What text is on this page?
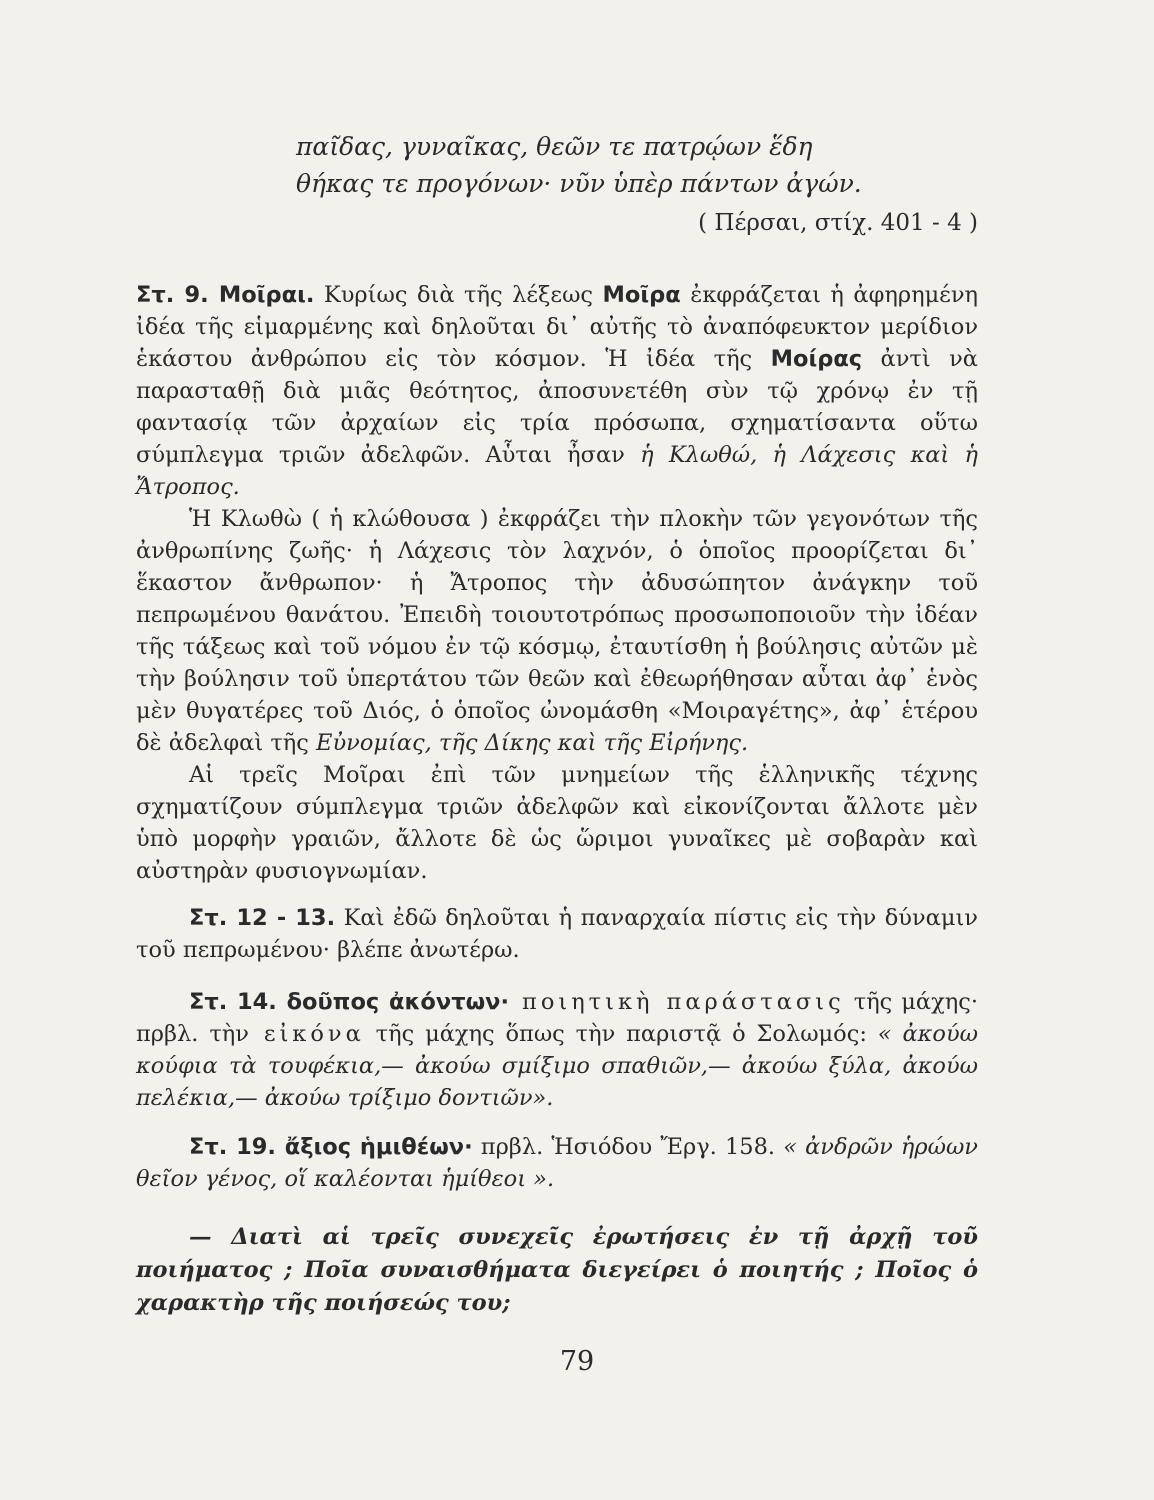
παῖδας, γυναῖκας, θεῶν τε πατρῴων ἕδη
θήκας τε προγόνων· νῦν ὑπὲρ πάντων ἀγών.
( Πέρσαι, στίχ. 401 - 4 )

Στ. 9. Μοῖραι. Κυρίως διὰ τῆς λέξεως Μοῖρα ἐκφράζεται ἡ ἀφηρημένη ἰδέα τῆς εἱμαρμένης καὶ δηλοῦται δι᾽ αὐτῆς τὸ ἀναπόφευκτον μερίδιον ἑκάστου ἀνθρώπου εἰς τὸν κόσμον. Ἡ ἰδέα τῆς Μοίρας ἀντὶ νὰ παρασταθῇ διὰ μιᾶς θεότητος, ἀποσυνετέθη σὺν τῷ χρόνῳ ἐν τῇ φαντασίᾳ τῶν ἀρχαίων εἰς τρία πρόσωπα, σχηματίσαντα οὕτω σύμπλεγμα τριῶν ἀδελφῶν. Αὗται ἦσαν ἡ Κλωθώ, ἡ Λάχεσις καὶ ἡ Ἄτροπος.

Ἡ Κλωθὼ ( ἡ κλώθουσα ) ἐκφράζει τὴν πλοκὴν τῶν γεγονότων τῆς ἀνθρωπίνης ζωῆς· ἡ Λάχεσις τὸν λαχνόν, ὁ ὁποῖος προορίζεται δι᾽ ἕκαστον ἄνθρωπον· ἡ Ἄτροπος τὴν ἀδυσώπητον ἀνάγκην τοῦ πεπρωμένου θανάτου. Ἐπειδὴ τοιουτοτρόπως προσωποποιοῦν τὴν ἰδέαν τῆς τάξεως καὶ τοῦ νόμου ἐν τῷ κόσμῳ, ἐταυτίσθη ἡ βούλησις αὐτῶν μὲ τὴν βούλησιν τοῦ ὑπερτάτου τῶν θεῶν καὶ ἐθεωρήθησαν αὗται ἀφ᾽ ἑνὸς μὲν θυγατέρες τοῦ Διός, ὁ ὁποῖος ὠνομάσθη «Μοιραγέτης», ἀφ᾽ ἑτέρου δὲ ἀδελφαὶ τῆς Εὐνομίας, τῆς Δίκης καὶ τῆς Εἰρήνης.

Αἱ τρεῖς Μοῖραι ἐπὶ τῶν μνημείων τῆς ἑλληνικῆς τέχνης σχηματίζουν σύμπλεγμα τριῶν ἀδελφῶν καὶ εἰκονίζονται ἄλλοτε μὲν ὑπὸ μορφὴν γραιῶν, ἄλλοτε δὲ ὡς ὥριμοι γυναῖκες μὲ σοβαρὰν καὶ αὐστηρὰν φυσιογνωμίαν.

Στ. 12 - 13. Καὶ ἐδῶ δηλοῦται ἡ παναρχαία πίστις εἰς τὴν δύναμιν τοῦ πεπρωμένου· βλέπε ἀνωτέρω.

Στ. 14. δοῦπος ἀκόντων· ποιητικὴ παράστασις τῆς μάχης· πρβλ. τὴν εἰκόνα τῆς μάχης ὅπως τὴν παριστᾷ ὁ Σολωμός: « ἀκούω κούφια τὰ τουφέκια,— ἀκούω σμίξιμο σπαθιῶν,— ἀκούω ξύλα, ἀκούω πελέκια,— ἀκούω τρίξιμο δοντιῶν».

Στ. 19. ἄξιος ἡμιθέων· πρβλ. Ἡσιόδου Ἔργ. 158. « ἀνδρῶν ἡρώων θεῖον γένος, οἵ καλέονται ἡμίθεοι ».

— Διατὶ αἱ τρεῖς συνεχεῖς ἐρωτήσεις ἐν τῇ ἀρχῇ τοῦ ποιήματος ; Ποῖα συναισθήματα διεγείρει ὁ ποιητής ; Ποῖος ὁ χαρακτὴρ τῆς ποιήσεώς του;
79
